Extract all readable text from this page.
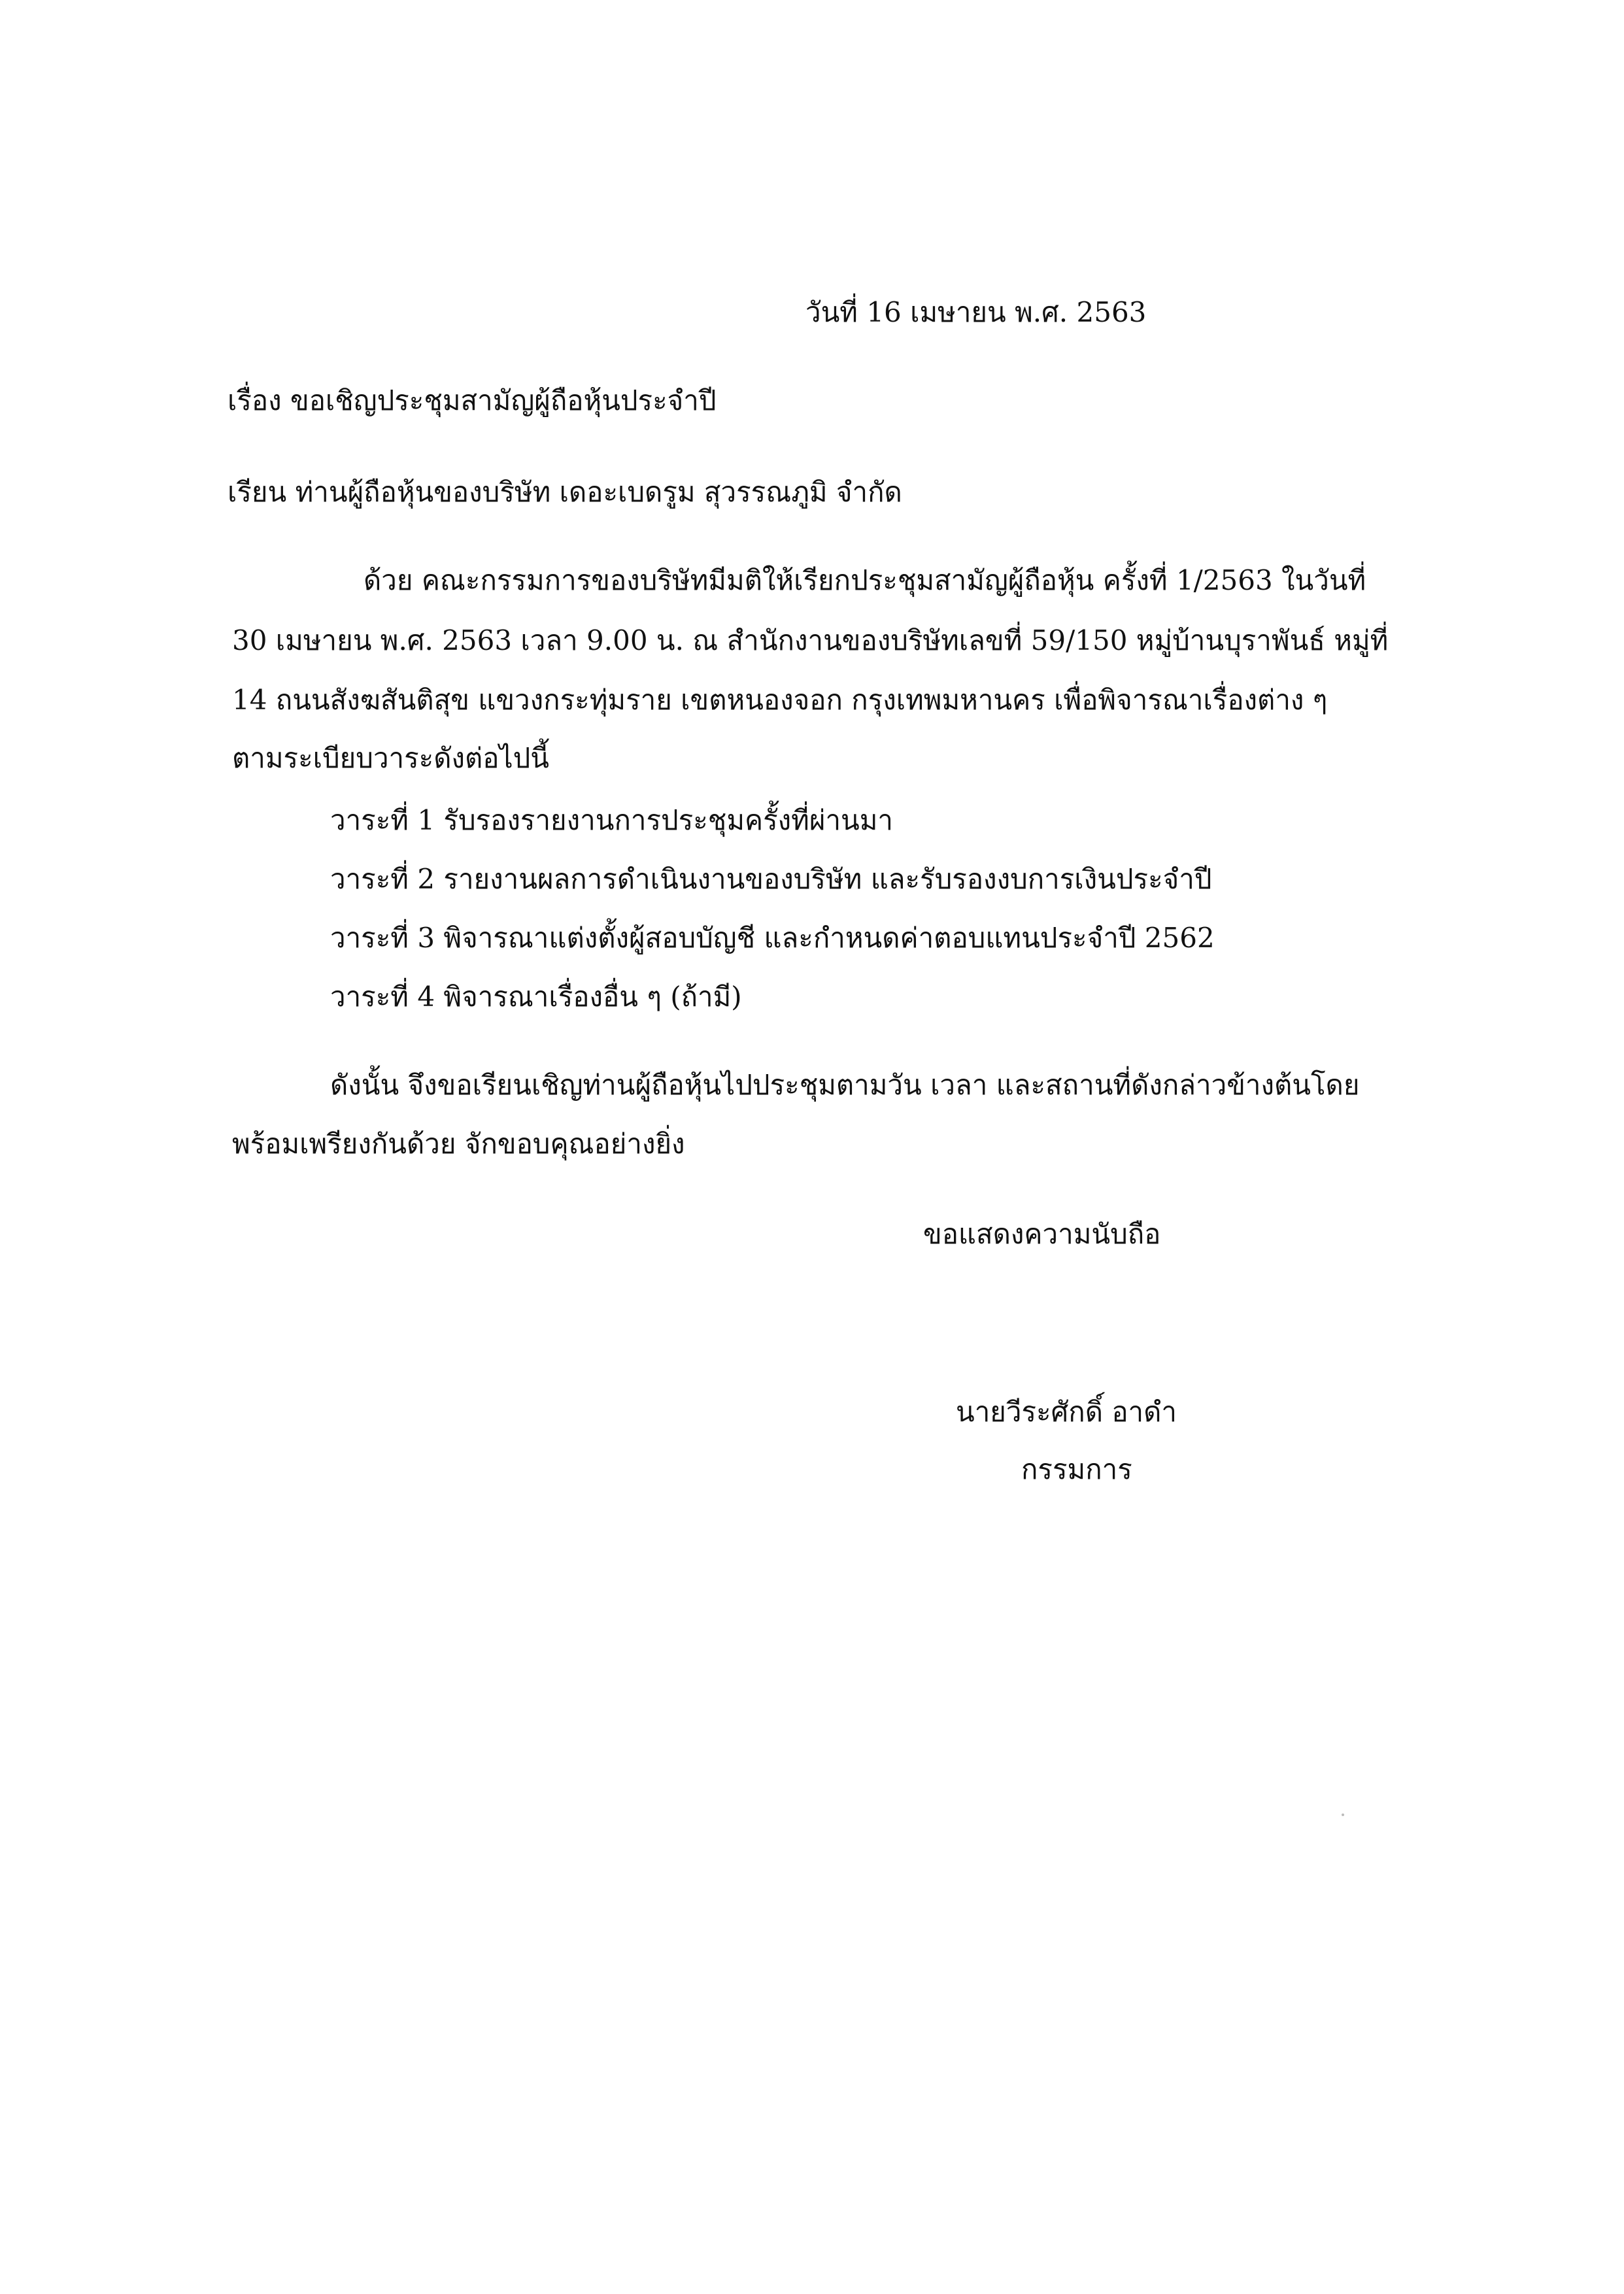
วันที่ 16 เมษายน พ.ศ. 2563
เรื่อง ขอเชิญประชุมสามัญผู้ถือหุ้นประจำปี
เรียน ท่านผู้ถือหุ้นของบริษัท เดอะเบดรูม สุวรรณภูมิ จำกัด
ด้วย คณะกรรมการของบริษัทมีมติให้เรียกประชุมสามัญผู้ถือหุ้น ครั้งที่ 1/2563 ในวันที่
30 เมษายน พ.ศ. 2563 เวลา 9.00 น. ณ สำนักงานของบริษัทเลขที่ 59/150 หมู่บ้านบุราพันธ์ หมู่ที่
14 ถนนสังฆสันติสุข แขวงกระทุ่มราย เขตหนองจอก กรุงเทพมหานคร เพื่อพิจารณาเรื่องต่าง ๆ
ตามระเบียบวาระดังต่อไปนี้
วาระที่ 1 รับรองรายงานการประชุมครั้งที่ผ่านมา
วาระที่ 2 รายงานผลการดำเนินงานของบริษัท และรับรองงบการเงินประจำปี
วาระที่ 3 พิจารณาแต่งตั้งผู้สอบบัญชี และกำหนดค่าตอบแทนประจำปี 2562
วาระที่ 4 พิจารณาเรื่องอื่น ๆ (ถ้ามี)
ดังนั้น จึงขอเรียนเชิญท่านผู้ถือหุ้นไปประชุมตามวัน เวลา และสถานที่ดังกล่าวข้างต้นโดย
พร้อมเพรียงกันด้วย จักขอบคุณอย่างยิ่ง
ขอแสดงความนับถือ
นายวีระศักดิ์ อาดำ
กรรมการ
